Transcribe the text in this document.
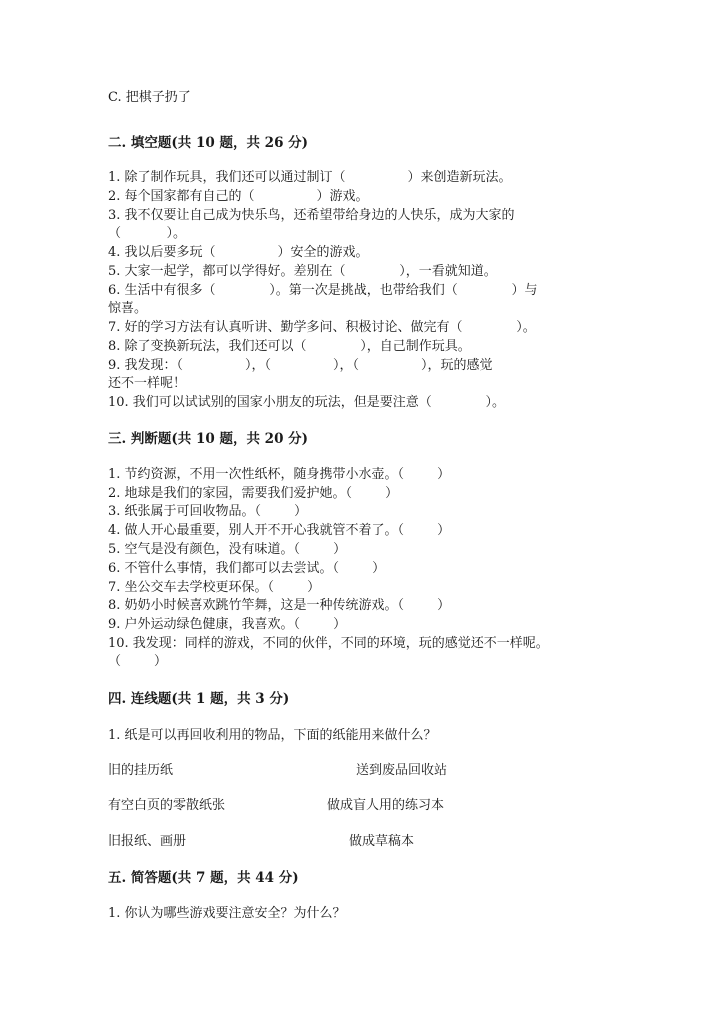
C. 把棋子扔了
二. 填空题(共 10 题，共 26 分)
1. 除了制作玩具，我们还可以通过制订（               ）来创造新玩法。
2. 每个国家都有自己的（               ）游戏。
3. 我不仅要让自己成为快乐鸟，还希望带给身边的人快乐，成为大家的
（           ）。
4. 我以后要多玩（               ）安全的游戏。
5. 大家一起学，都可以学得好。差别在（             ），一看就知道。
6. 生活中有很多（             ）。第一次是挑战，也带给我们（             ）与
惊喜。
7. 好的学习方法有认真听讲、勤学多问、积极讨论、做完有（             ）。
8. 除了变换新玩法，我们还可以（             ），自己制作玩具。
9. 我发现：（               ），（               ），（               ），玩的感觉
还不一样呢！
10. 我们可以试试别的国家小朋友的玩法，但是要注意（             ）。
三. 判断题(共 10 题，共 20 分)
1. 节约资源，不用一次性纸杯，随身携带小水壶。（        ）
2. 地球是我们的家园，需要我们爱护她。（        ）
3. 纸张属于可回收物品。（        ）
4. 做人开心最重要，别人开不开心我就管不着了。（        ）
5. 空气是没有颜色，没有味道。（        ）
6. 不管什么事情，我们都可以去尝试。（        ）
7. 坐公交车去学校更环保。（        ）
8. 奶奶小时候喜欢跳竹竿舞，这是一种传统游戏。（        ）
9. 户外运动绿色健康，我喜欢。（        ）
10. 我发现：同样的游戏，不同的伙伴，不同的环境，玩的感觉还不一样呢。
（        ）
四. 连线题(共 1 题，共 3 分)
1. 纸是可以再回收利用的物品，下面的纸能用来做什么？
旧的挂历纸	送到废品回收站
有空白页的零散纸张	做成盲人用的练习本
旧报纸、画册	做成草稿本
五. 简答题(共 7 题，共 44 分)
1. 你认为哪些游戏要注意安全？为什么？
